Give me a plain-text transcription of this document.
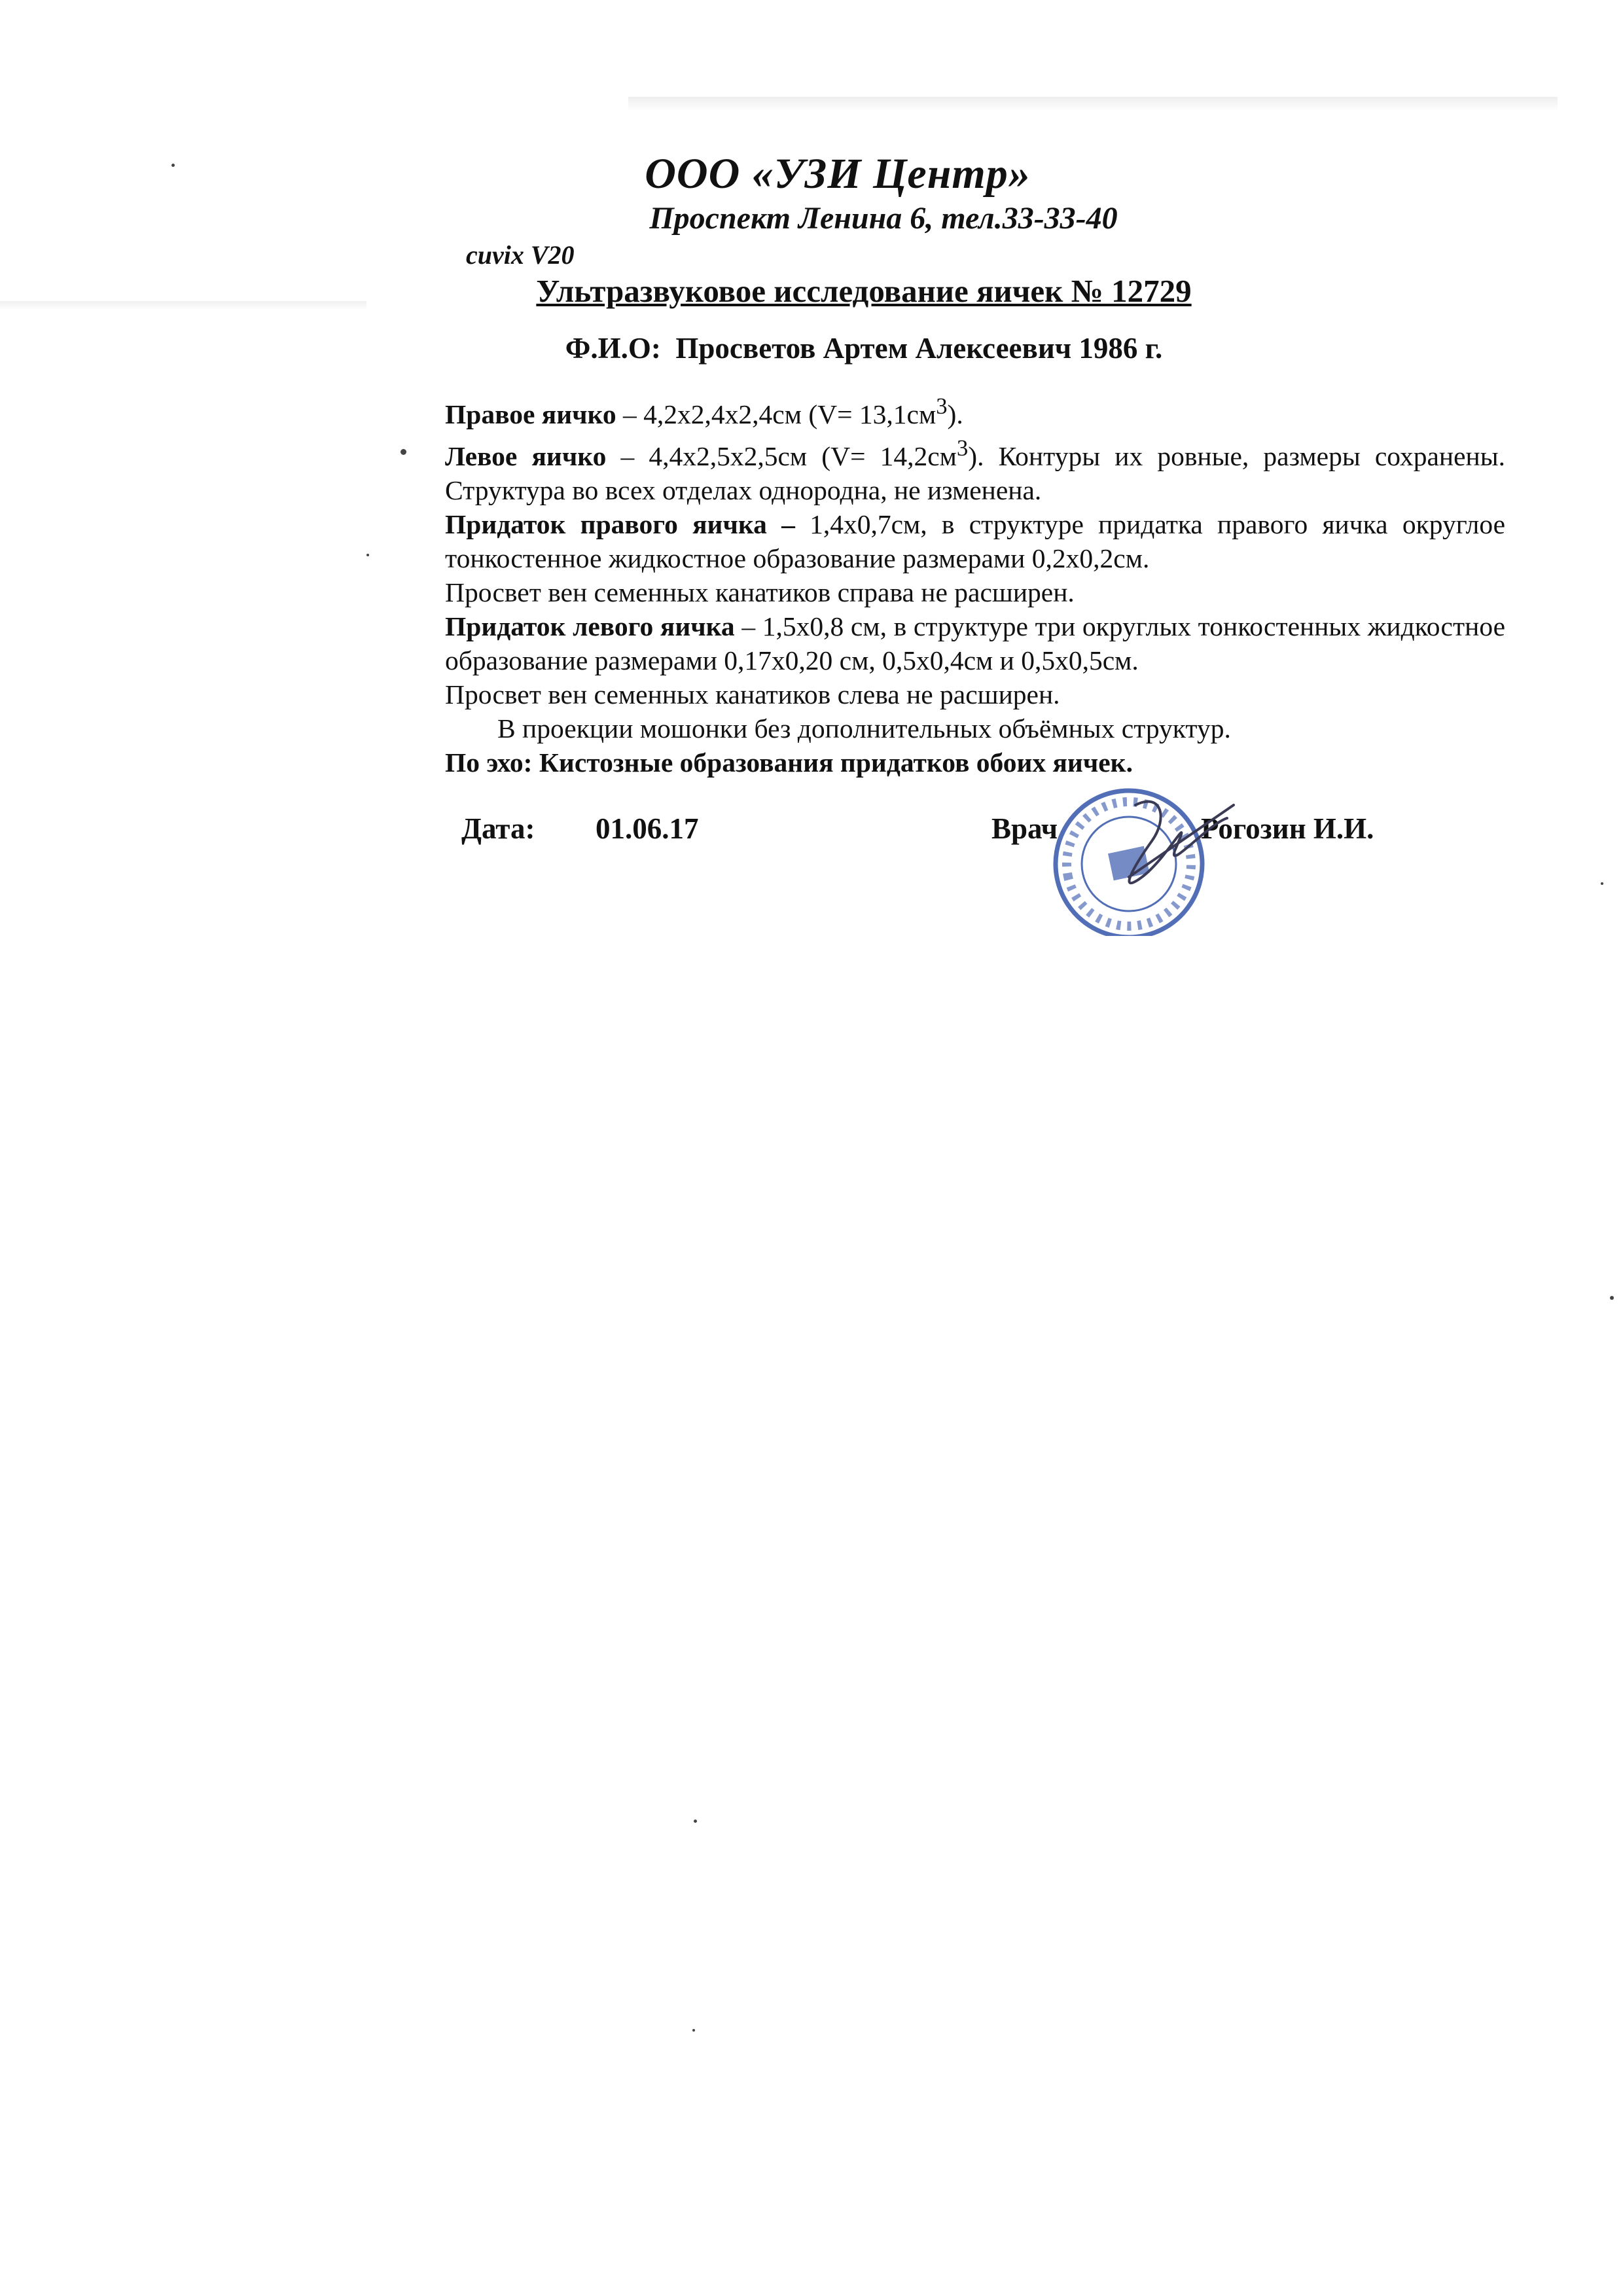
ООО «УЗИ Центр»
Проспект Ленина 6, тел.33-33-40
cuvix V20
Ультразвуковое исследование яичек № 12729
Ф.И.О: Просветов Артем Алексеевич 1986 г.

Правое яичко – 4,2х2,4х2,4см $(V= 13,1см^3)$.

Левое яичко – 4,4х2,5х2,5см $(V= 14,2см^3)$. Контуры их ровные, размеры сохранены. Структура во всех отделах однородна, не изменена.

Придаток правого яичка – 1,4х0,7см, в структуре придатка правого яичка округлое тонкостенное жидкостное образование размерами 0,2х0,2см.

Просвет вен семенных канатиков справа не расширен.

Придаток левого яичка – 1,5х0,8 см, в структуре три округлых тонкостенных жидкостное образование размерами 0,17х0,20 см, 0,5х0,4см и 0,5х0,5см.

Просвет вен семенных канатиков слева не расширен.

В проекции мошонки без дополнительных объёмных структур.

По эхо: Кистозные образования придатков обоих яичек.

Дата: 01.06.17	Врач	Рогозин И.И.
